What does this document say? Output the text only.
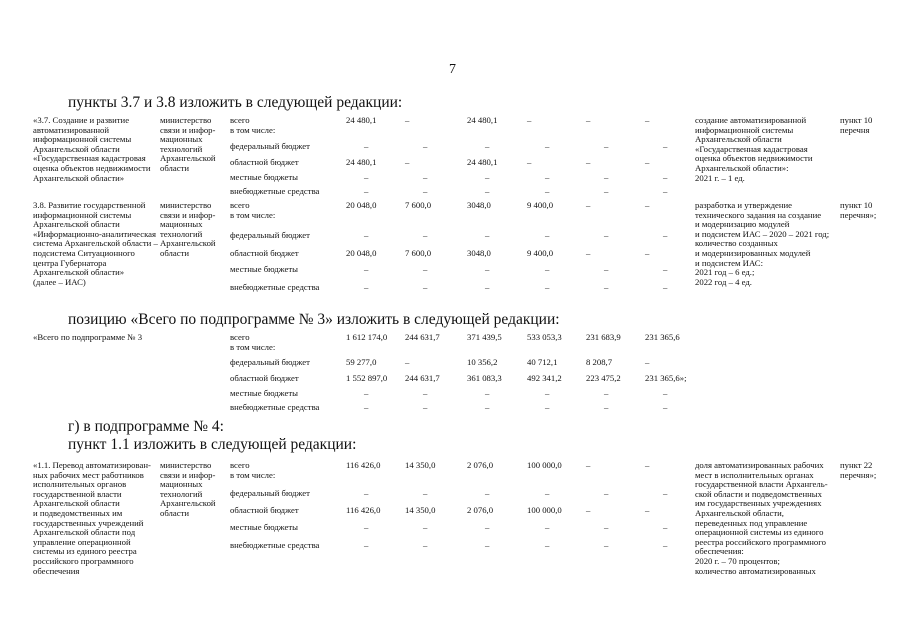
7
пункты 3.7 и 3.8 изложить в следующей редакции:
позицию «Всего по подпрограмме № 3» изложить в следующей редакции:
г) в подпрограмме № 4:
пункт 1.1 изложить в следующей редакции:
«3.7. Создание и развитие
автоматизированной
информационной системы
Архангельской области
«Государственная кадастровая
оценка объектов недвижимости
Архангельской области»
министерство
связи и инфор-
мационных
технологий
Архангельской
области
всего
в том числе:
федеральный бюджет
областной бюджет
местные бюджеты
внебюджетные средства
24 480,1
–
24 480,1
–
–
–
–
–
–
–
24 480,1
–
24 480,1
–
–
–
–
–
–
–
–
–
–
–
–
–
–
–
–
–
создание автоматизированной
информационной системы
Архангельской области
«Государственная кадастровая
оценка объектов недвижимости
Архангельской области»:
2021 г. – 1 ед.
пункт 10
перечня
3.8. Развитие государственной
информационной системы
Архангельской области
«Информационно-аналитическая
система Архангельской области –
подсистема Ситуационного
центра Губернатора
Архангельской области»
(далее – ИАС)
министерство
связи и инфор-
мационных
технологий
Архангельской
области
всего
в том числе:
федеральный бюджет
областной бюджет
местные бюджеты
внебюджетные средства
20 048,0
–
20 048,0
–
–
7 600,0
–
7 600,0
–
–
3048,0
–
3048,0
–
–
9 400,0
–
9 400,0
–
–
–
–
–
–
–
–
–
–
–
–
разработка и утверждение
технического задания на создание
и модернизацию модулей
и подсистем ИАС – 2020 – 2021 год;
количество созданных
и модернизированных модулей
и подсистем ИАС:
2021 год – 6 ед.;
2022 год – 4 ед.
пункт 10
перечня»;
«Всего по подпрограмме № 3	всего
в том числе:
федеральный бюджет
областной бюджет
местные бюджеты
внебюджетные средства
1 612 174,0
59 277,0
1 552 897,0
–
–
244 631,7
–
244 631,7
–
–
371 439,5
10 356,2
361 083,3
–
–
533 053,3
40 712,1
492 341,2
–
–
231 683,9
8 208,7
223 475,2
–
–
231 365,6
–
231 365,6»;
–
–
«1.1. Перевод автоматизирован-
ных рабочих мест работников
исполнительных органов
государственной власти
Архангельской области
и подведомственных им
государственных учреждений
Архангельской области под
управление операционной
системы из единого реестра
российского программного
обеспечения
министерство
связи и инфор-
мационных
технологий
Архангельской
области
всего
в том числе:
федеральный бюджет
областной бюджет
местные бюджеты
внебюджетные средства
116 426,0
–
116 426,0
–
–
14 350,0
–
14 350,0
–
–
2 076,0
–
2 076,0
–
–
100 000,0
–
100 000,0
–
–
–
–
–
–
–
–
–
–
–
–
доля автоматизированных рабочих
мест в исполнительных органах
государственной власти Архангель-
ской области и подведомственных
им государственных учреждениях
Архангельской области,
переведенных под управление
операционной системы из единого
реестра российского программного
обеспечения:
2020 г. – 70 процентов;
количество автоматизированных
пункт 22
перечня»;
